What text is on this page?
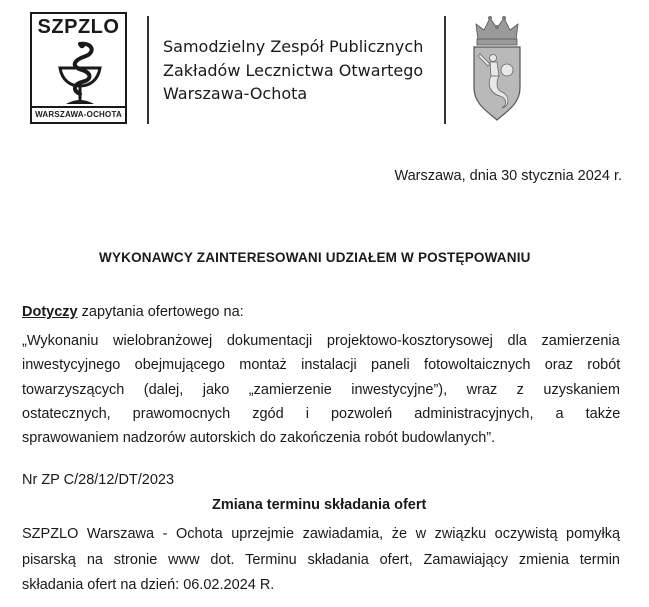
SZPZLO
WARSZAWA-OCHOTA
Samodzielny Zespół Publicznych
Zakładów Lecznictwa Otwartego
Warszawa-Ochota
Warszawa, dnia 30 stycznia 2024 r.
WYKONAWCY ZAINTERESOWANI UDZIAŁEM W POSTĘPOWANIU
Dotyczy zapytania ofertowego na:
„Wykonaniu wielobranżowej dokumentacji projektowo-kosztorysowej dla zamierzenia
inwestycyjnego obejmującego montaż instalacji paneli fotowoltaicznych oraz robót
towarzyszących (dalej, jako „zamierzenie inwestycyjne”), wraz z uzyskaniem
ostatecznych, prawomocnych zgód i pozwoleń administracyjnych, a także
sprawowaniem nadzorów autorskich do zakończenia robót budowlanych”.
Nr ZP C/28/12/DT/2023
Zmiana terminu składania ofert
SZPZLO Warszawa - Ochota uprzejmie zawiadamia, że w związku oczywistą pomyłką
pisarską na stronie www dot. Terminu składania ofert, Zamawiający zmienia termin
składania ofert na dzień: 06.02.2024 R.
